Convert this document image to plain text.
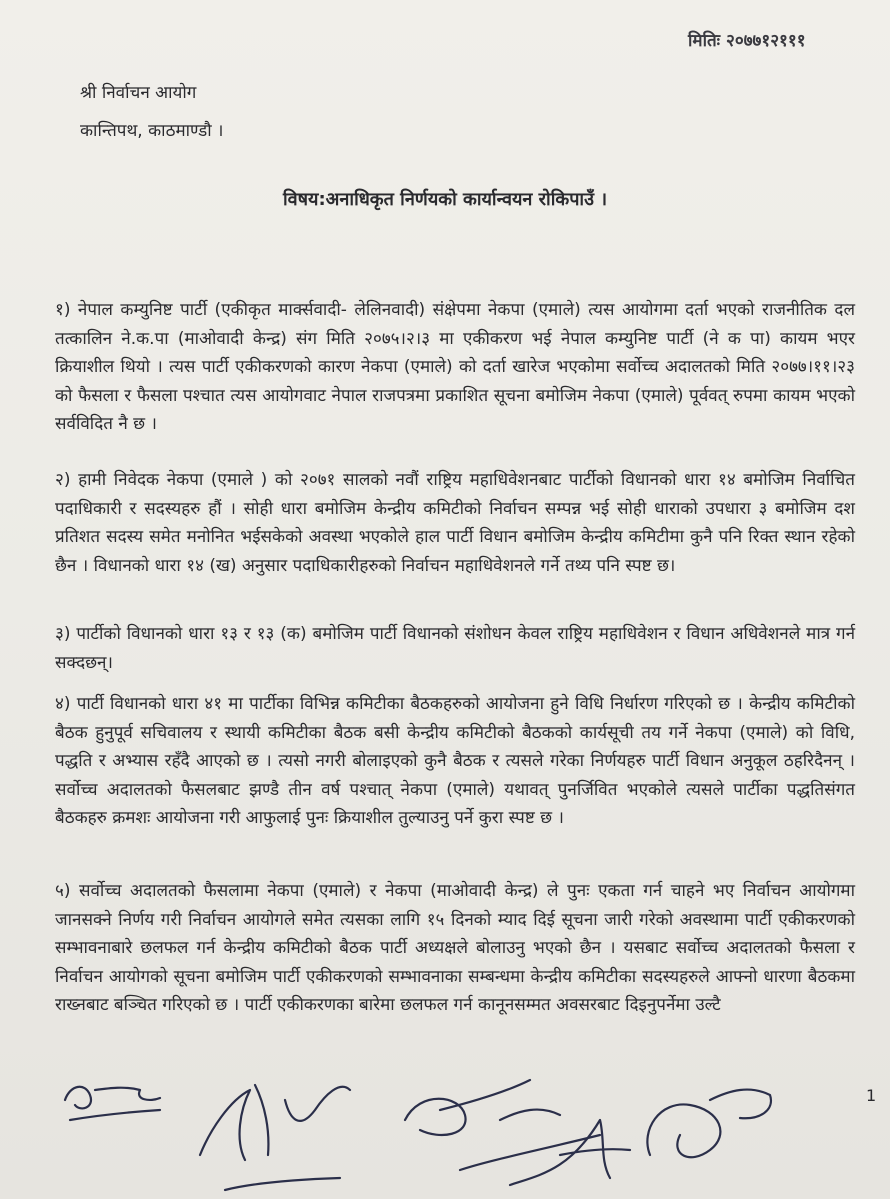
मितिः २०७७१२१११
श्री निर्वाचन आयोग
कान्तिपथ, काठमाण्डौ ।
विषय:अनाधिकृत निर्णयको कार्यान्वयन रोकिपाउँ ।
१) नेपाल कम्युनिष्ट पार्टी (एकीकृत मार्क्सवादी- लेलिनवादी) संक्षेपमा नेकपा (एमाले) त्यस आयोगमा दर्ता भएको राजनीतिक दल तत्कालिन ने.क.पा (माओवादी केन्द्र) संग मिति २०७५।२।३ मा एकीकरण भई नेपाल कम्युनिष्ट पार्टी (ने क पा) कायम भएर क्रियाशील थियो । त्यस पार्टी एकीकरणको कारण नेकपा (एमाले) को दर्ता खारेज भएकोमा सर्वोच्च अदालतको मिति २०७७।११।२३ को फैसला र फैसला पश्चात त्यस आयोगवाट नेपाल राजपत्रमा प्रकाशित सूचना बमोजिम नेकपा (एमाले) पूर्ववत् रुपमा कायम भएको सर्वविदित नै छ ।
२) हामी निवेदक नेकपा (एमाले ) को २०७१ सालको नवौं राष्ट्रिय महाधिवेशनबाट पार्टीको विधानको धारा १४ बमोजिम निर्वाचित पदाधिकारी र सदस्यहरु हौं । सोही धारा बमोजिम केन्द्रीय कमिटीको निर्वाचन सम्पन्न भई सोही धाराको उपधारा ३ बमोजिम दश प्रतिशत सदस्य समेत मनोनित भईसकेको अवस्था भएकोले हाल पार्टी विधान बमोजिम केन्द्रीय कमिटीमा कुनै पनि रिक्त स्थान रहेको छैन । विधानको धारा १४ (ख) अनुसार पदाधिकारीहरुको निर्वाचन महाधिवेशनले गर्ने तथ्य पनि स्पष्ट छ।
३) पार्टीको विधानको धारा १३ र १३ (क) बमोजिम पार्टी विधानको संशोधन केवल राष्ट्रिय महाधिवेशन र विधान अधिवेशनले मात्र गर्न सक्दछन्।
४) पार्टी विधानको धारा ४१ मा पार्टीका विभिन्न कमिटीका बैठकहरुको आयोजना हुने विधि निर्धारण गरिएको छ । केन्द्रीय कमिटीको बैठक हुनुपूर्व सचिवालय र स्थायी कमिटीका बैठक बसी केन्द्रीय कमिटीको बैठकको कार्यसूची तय गर्ने नेकपा (एमाले) को विधि, पद्धति र अभ्यास रहँदै आएको छ । त्यसो नगरी बोलाइएको कुनै बैठक र त्यसले गरेका निर्णयहरु पार्टी विधान अनुकूल ठहरिदैनन् । सर्वोच्च अदालतको फैसलबाट झण्डै तीन वर्ष पश्चात् नेकपा (एमाले) यथावत् पुनर्जिवित भएकोले त्यसले पार्टीका पद्धतिसंगत बैठकहरु क्रमशः आयोजना गरी आफुलाई पुनः क्रियाशील तुल्याउनु पर्ने कुरा स्पष्ट छ ।
५) सर्वोच्च अदालतको फैसलामा नेकपा (एमाले) र नेकपा (माओवादी केन्द्र) ले पुनः एकता गर्न चाहने भए निर्वाचन आयोगमा जानसक्ने निर्णय गरी निर्वाचन आयोगले समेत त्यसका लागि १५ दिनको म्याद दिई सूचना जारी गरेको अवस्थामा पार्टी एकीकरणको सम्भावनाबारे छलफल गर्न केन्द्रीय कमिटीको बैठक पार्टी अध्यक्षले बोलाउनु भएको छैन । यसबाट सर्वोच्च अदालतको फैसला र निर्वाचन आयोगको सूचना बमोजिम पार्टी एकीकरणको सम्भावनाका सम्बन्धमा केन्द्रीय कमिटीका सदस्यहरुले आफ्नो धारणा बैठकमा राख्नबाट बञ्चित गरिएको छ । पार्टी एकीकरणका बारेमा छलफल गर्न कानूनसम्मत अवसरबाट दिइनुपर्नेमा उल्टै
1
